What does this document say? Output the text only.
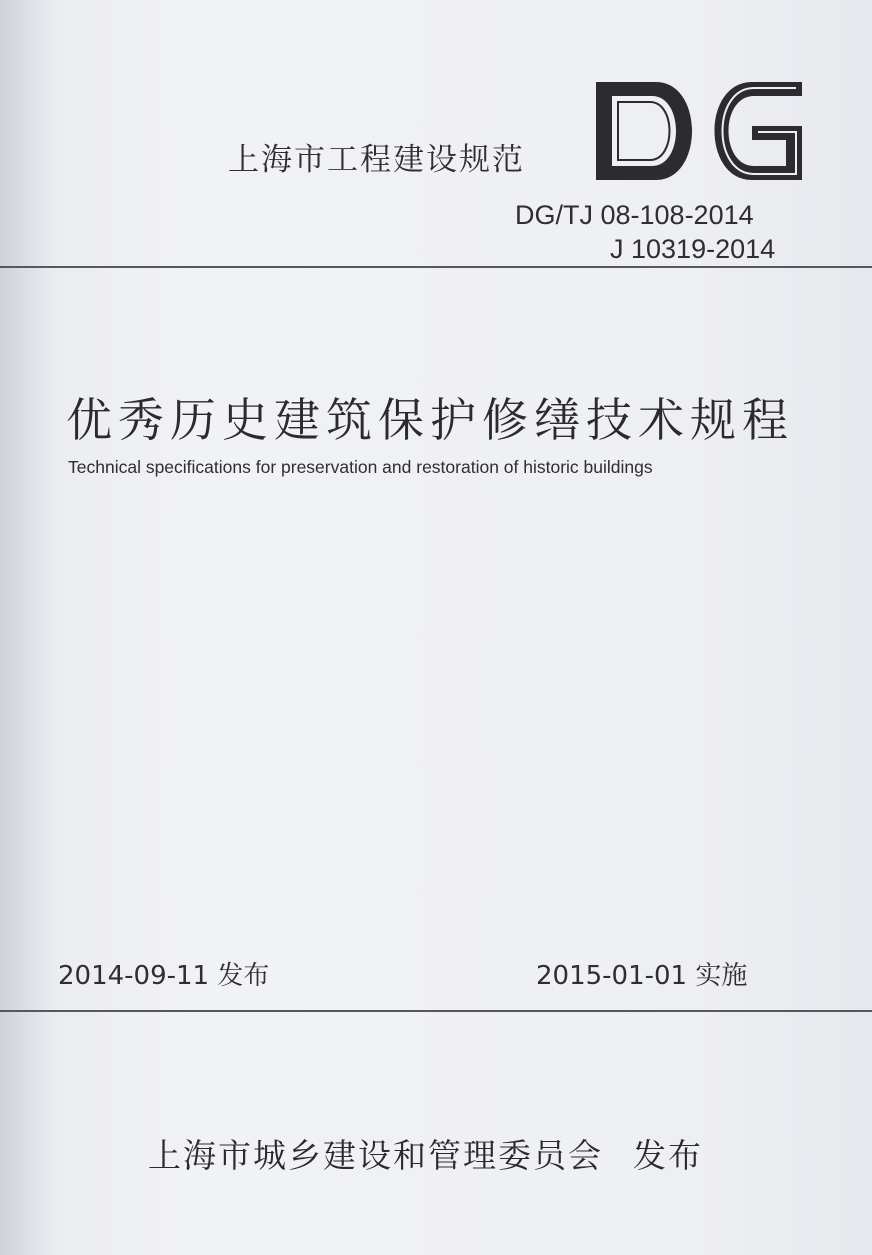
上海市工程建设规范
DG/TJ 08-108-2014
J 10319-2014
优秀历史建筑保护修缮技术规程
Technical specifications for preservation and restoration of historic buildings
2014-09-11 发布	2015-01-01 实施
上海市城乡建设和管理委员会 发布
